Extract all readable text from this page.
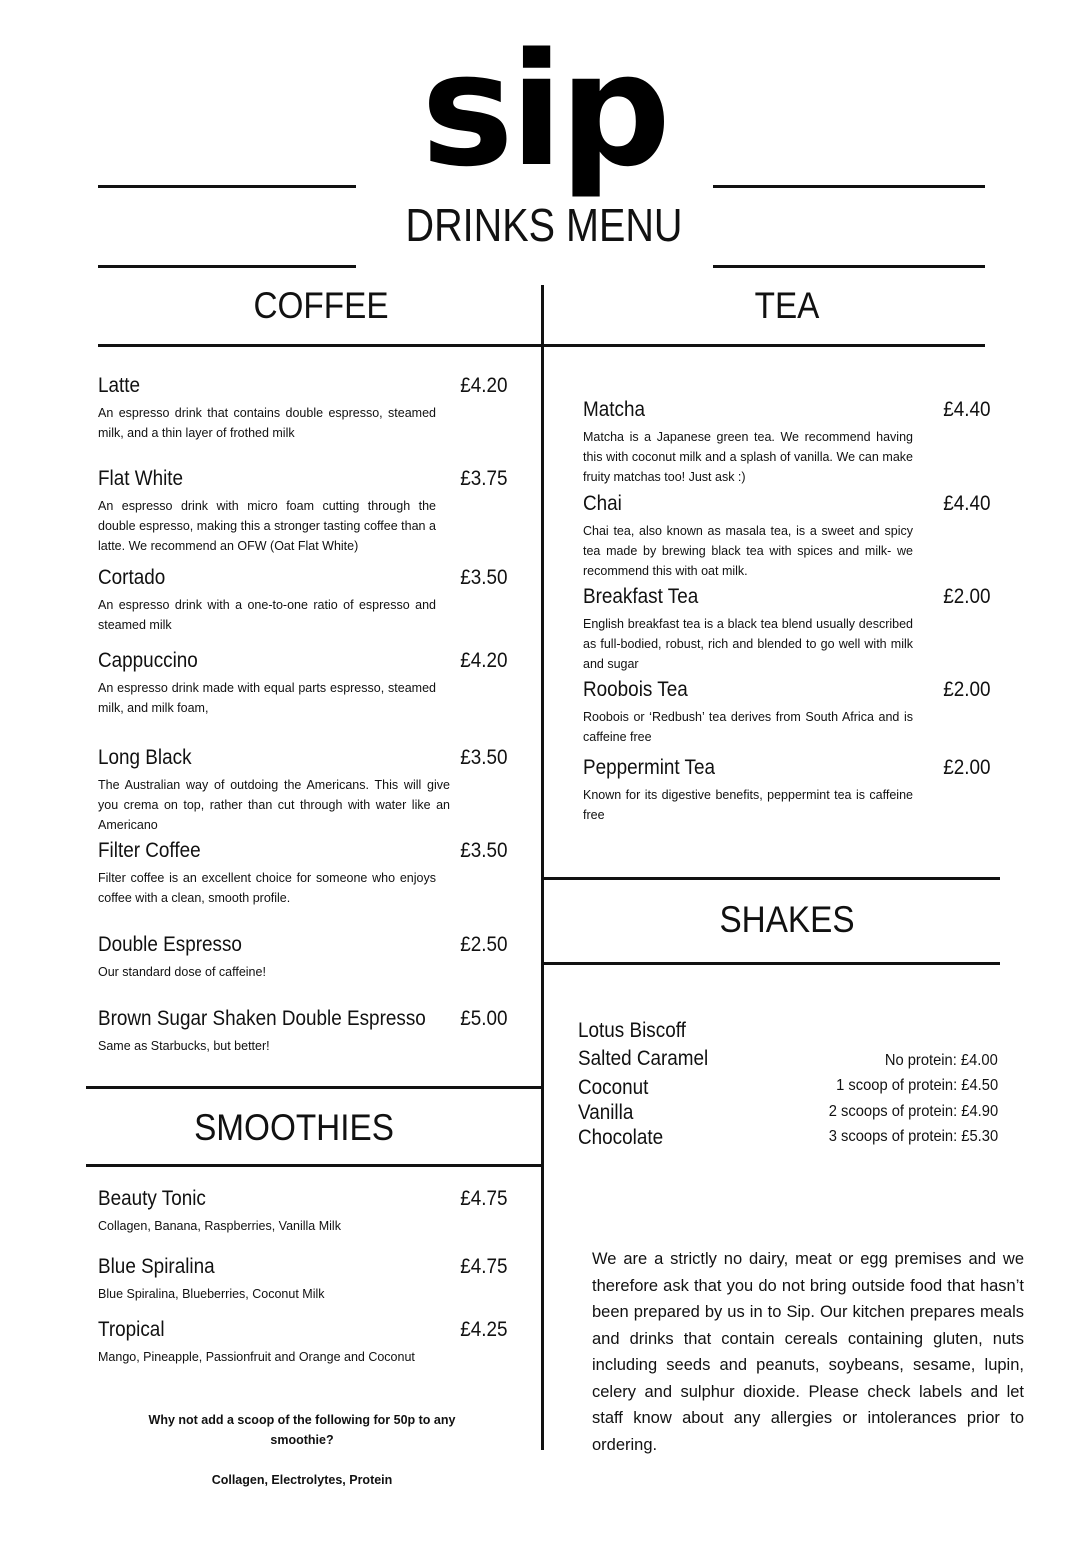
sip
DRINKS MENU
COFFEE	TEA
Latte	£4.20
An espresso drink that contains double espresso, steamed milk, and a thin layer of frothed milk
Flat White	£3.75
An espresso drink with micro foam cutting through the double espresso, making this a stronger tasting coffee than a latte. We recommend an OFW (Oat Flat White)
Cortado	£3.50
An espresso drink with a one-to-one ratio of espresso and steamed milk
Cappuccino	£4.20
An espresso drink made with equal parts espresso, steamed milk, and milk foam,
Long Black	£3.50
The Australian way of outdoing the Americans. This will give you crema on top, rather than cut through with water like an Americano
Filter Coffee	£3.50
Filter coffee is an excellent choice for someone who enjoys coffee with a clean, smooth profile.
Double Espresso	£2.50
Our standard dose of caffeine!
Brown Sugar Shaken Double Espresso £5.00
Same as Starbucks, but better!
Matcha	£4.40
Matcha is a Japanese green tea. We recommend having this with coconut milk and a splash of vanilla. We can make fruity matchas too! Just ask :)
Chai	£4.40
Chai tea, also known as masala tea, is a sweet and spicy tea made by brewing black tea with spices and milk- we recommend this with oat milk.
Breakfast Tea	£2.00
English breakfast tea is a black tea blend usually described as full-bodied, robust, rich and blended to go well with milk and sugar
Roobois Tea	£2.00
Roobois or ‘Redbush’ tea derives from South Africa and is caffeine free
Peppermint Tea	£2.00
Known for its digestive benefits, peppermint tea is caffeine free
SHAKES
Lotus Biscoff
Salted Caramel
Coconut
Vanilla
Chocolate
No protein: £4.00
1 scoop of protein: £4.50
2 scoops of protein: £4.90
3 scoops of protein: £5.30
SMOOTHIES
Beauty Tonic	£4.75
Collagen, Banana, Raspberries, Vanilla Milk
Blue Spiralina	£4.75
Blue Spiralina, Blueberries, Coconut Milk
Tropical	£4.25
Mango, Pineapple, Passionfruit and Orange and Coconut
Why not add a scoop of the following for 50p to any smoothie?
Collagen, Electrolytes, Protein
We are a strictly no dairy, meat or egg premises and we therefore ask that you do not bring outside food that hasn’t been prepared by us in to Sip. Our kitchen prepares meals and drinks that contain cereals containing gluten, nuts including seeds and peanuts, soybeans, sesame, lupin, celery and sulphur dioxide. Please check labels and let staff know about any allergies or intolerances prior to ordering.
